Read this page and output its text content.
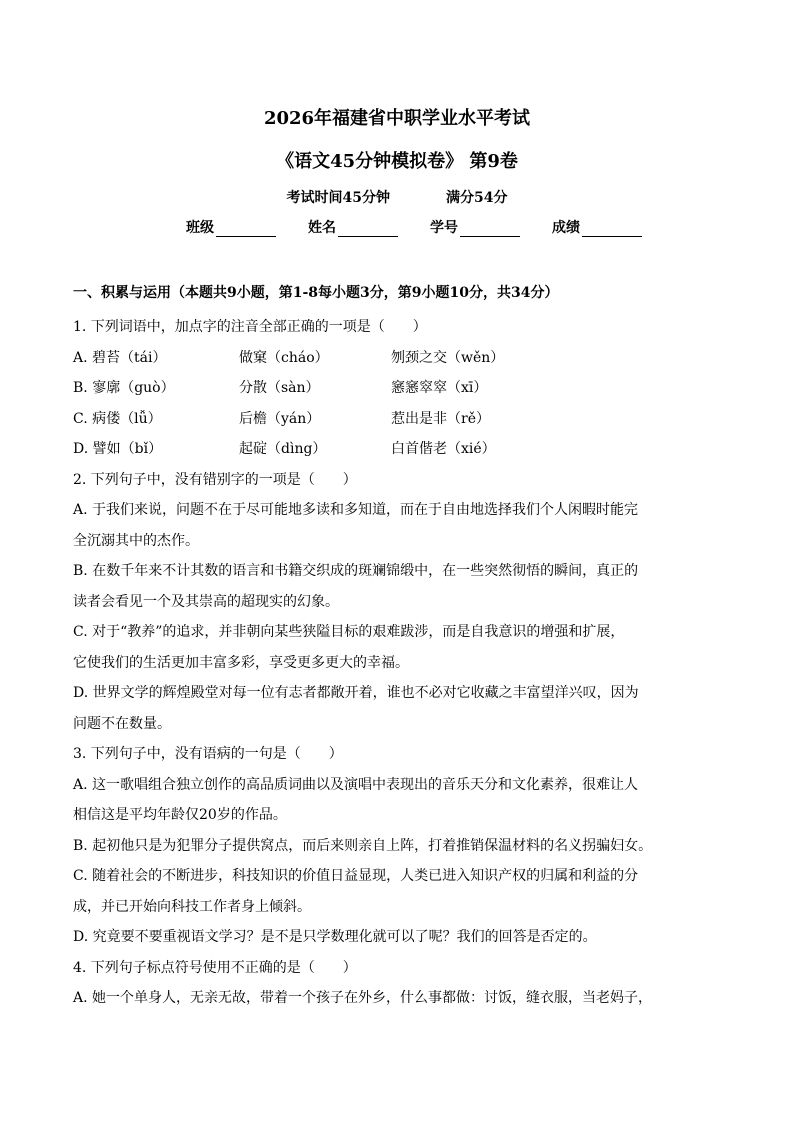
2026年福建省中职学业水平考试
《语文45分钟模拟卷》 第9卷
考试时间45分钟	满分54分
班级	姓名	学号	成绩
一、积累与运用（本题共9小题，第1-8每小题3分，第9小题10分，共34分）
1. 下列词语中，加点字的注音全部正确的一项是（　　）
A. 碧苔（tái）	做窠（cháo）	刎颈之交（wěn）
B. 寥廓（guò）	分散（sàn）	窸窸窣窣（xī）
C. 病偻（lǚ）	后檐（yán）	惹出是非（rě）
D. 譬如（bǐ）	起碇（dìng）	白首偕老（xié）
2. 下列句子中，没有错别字的一项是（　　）
A. 于我们来说，问题不在于尽可能地多读和多知道，而在于自由地选择我们个人闲暇时能完
全沉溺其中的杰作。
B. 在数千年来不计其数的语言和书籍交织成的斑斓锦缎中，在一些突然彻悟的瞬间，真正的
读者会看见一个及其崇高的超现实的幻象。
C. 对于“教养”的追求，并非朝向某些狭隘目标的艰难跋涉，而是自我意识的增强和扩展，
它使我们的生活更加丰富多彩，享受更多更大的幸福。
D. 世界文学的辉煌殿堂对每一位有志者都敞开着，谁也不必对它收藏之丰富望洋兴叹，因为
问题不在数量。
3. 下列句子中，没有语病的一句是（　　）
A. 这一歌唱组合独立创作的高品质词曲以及演唱中表现出的音乐天分和文化素养，很难让人
相信这是平均年龄仅20岁的作品。
B. 起初他只是为犯罪分子提供窝点，而后来则亲自上阵，打着推销保温材料的名义拐骗妇女。
C. 随着社会的不断进步，科技知识的价值日益显现，人类已进入知识产权的归属和利益的分
成，并已开始向科技工作者身上倾斜。
D. 究竟要不要重视语文学习？是不是只学数理化就可以了呢？我们的回答是否定的。
4. 下列句子标点符号使用不正确的是（　　）
A. 她一个单身人，无亲无故，带着一个孩子在外乡，什么事都做：讨饭，缝衣服，当老妈子，
